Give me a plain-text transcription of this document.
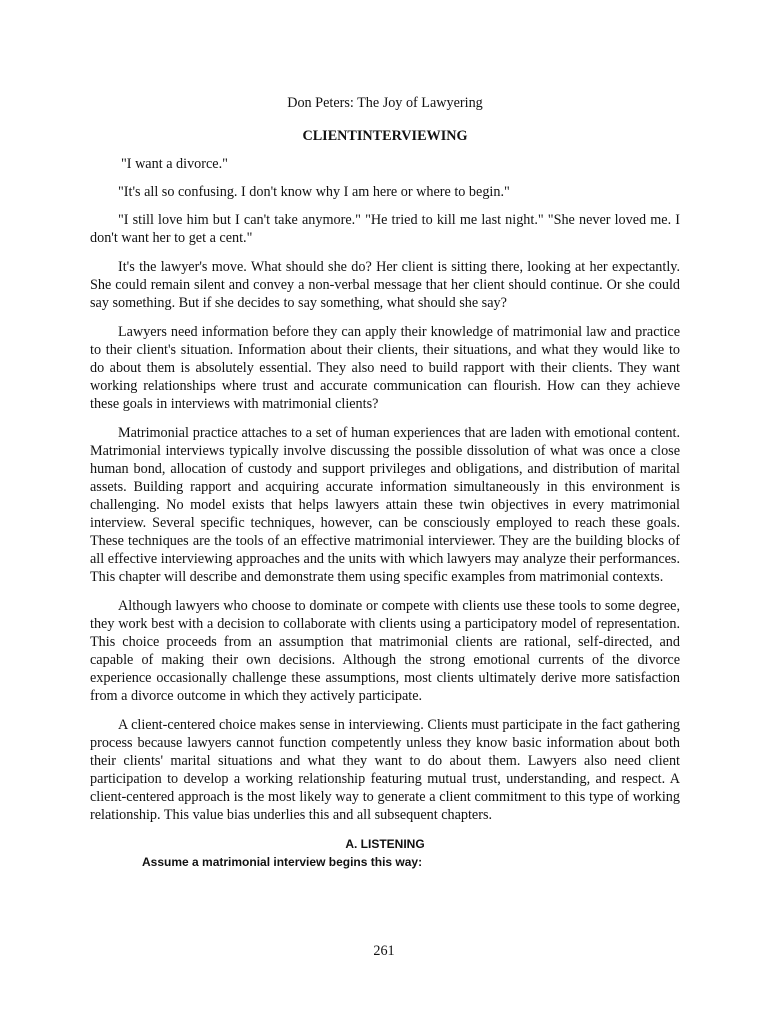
Don Peters: The Joy of Lawyering
CLIENTINTERVIEWING

"I want a divorce."

"It's all so confusing. I don't know why I am here or where to begin."

"I still love him but I can't take anymore." "He tried to kill me last night." "She never loved me. I don't want her to get a cent."

It's the lawyer's move. What should she do? Her client is sitting there, looking at her expectantly. She could remain silent and convey a non-verbal message that her client should continue. Or she could say something. But if she decides to say something, what should she say?

Lawyers need information before they can apply their knowledge of matrimonial law and practice to their client's situation. Information about their clients, their situations, and what they would like to do about them is absolutely essential. They also need to build rapport with their clients. They want working relationships where trust and accurate communication can flourish. How can they achieve these goals in interviews with matrimonial clients?

Matrimonial practice attaches to a set of human experiences that are laden with emotional content. Matrimonial interviews typically involve discussing the possible dissolution of what was once a close human bond, allocation of custody and support privileges and obligations, and distribution of marital assets. Building rapport and acquiring accurate information simultaneously in this environment is challenging. No model exists that helps lawyers attain these twin objectives in every matrimonial interview. Several specific techniques, however, can be consciously employed to reach these goals. These techniques are the tools of an effective matrimonial interviewer. They are the building blocks of all effective interviewing approaches and the units with which lawyers may analyze their performances. This chapter will describe and demonstrate them using specific examples from matrimonial contexts.

Although lawyers who choose to dominate or compete with clients use these tools to some degree, they work best with a decision to collaborate with clients using a participatory model of representation. This choice proceeds from an assumption that matrimonial clients are rational, self-directed, and capable of making their own decisions. Although the strong emotional currents of the divorce experience occasionally challenge these assumptions, most clients ultimately derive more satisfaction from a divorce outcome in which they actively participate.

A client-centered choice makes sense in interviewing. Clients must participate in the fact gathering process because lawyers cannot function competently unless they know basic information about both their clients' marital situations and what they want to do about them. Lawyers also need client participation to develop a working relationship featuring mutual trust, understanding, and respect. A client-centered approach is the most likely way to generate a client commitment to this type of working relationship. This value bias underlies this and all subsequent chapters.

A. LISTENING
Assume a matrimonial interview begins this way:
261
